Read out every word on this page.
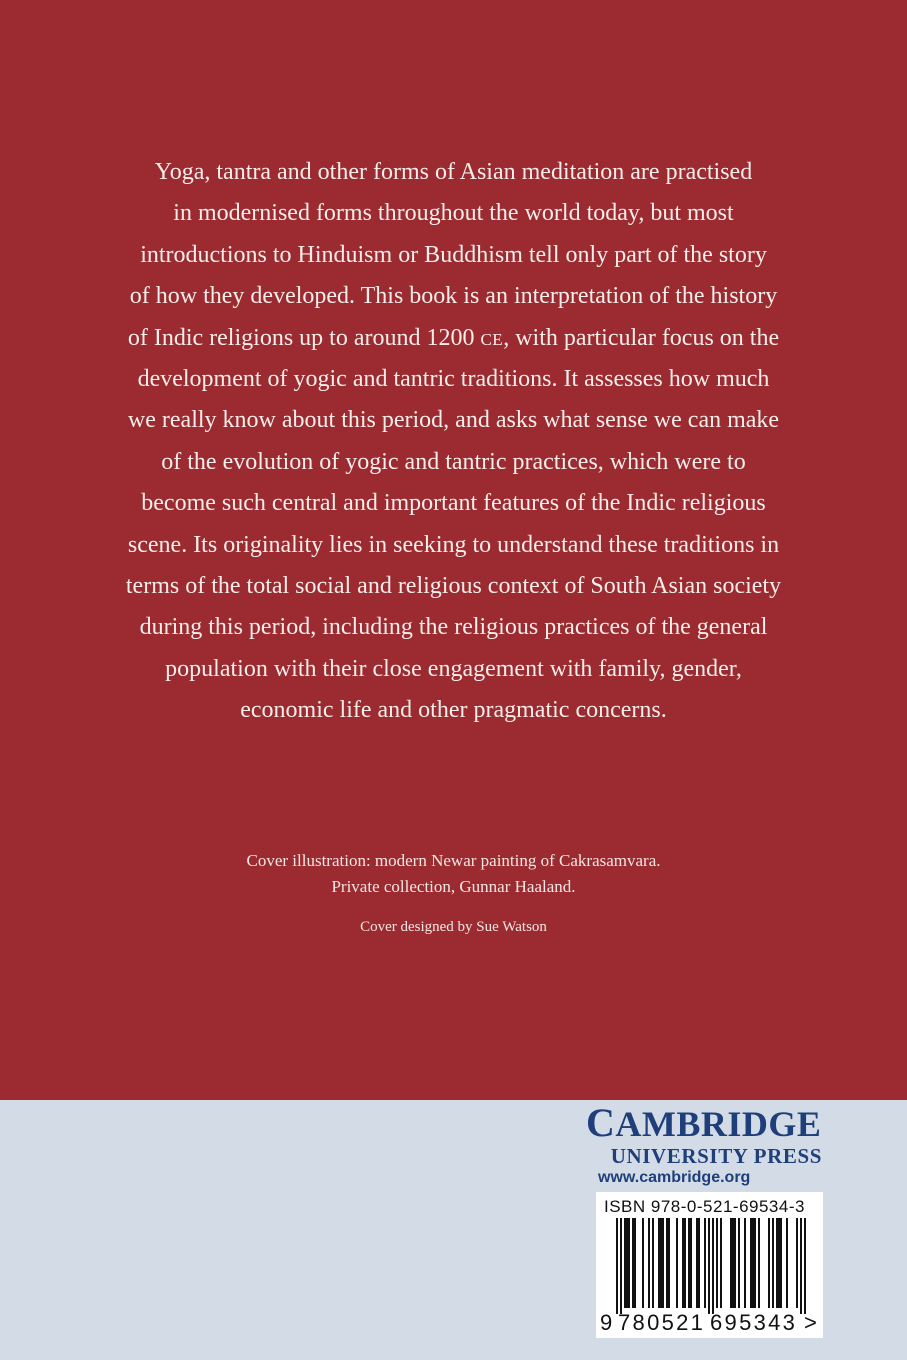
Yoga, tantra and other forms of Asian meditation are practised
in modernised forms throughout the world today, but most
introductions to Hinduism or Buddhism tell only part of the story
of how they developed. This book is an interpretation of the history
of Indic religions up to around 1200 ce, with particular focus on the
development of yogic and tantric traditions. It assesses how much
we really know about this period, and asks what sense we can make
of the evolution of yogic and tantric practices, which were to
become such central and important features of the Indic religious
scene. Its originality lies in seeking to understand these traditions in
terms of the total social and religious context of South Asian society
during this period, including the religious practices of the general
population with their close engagement with family, gender,
economic life and other pragmatic concerns.
Cover illustration: modern Newar painting of Cakrasamvara.
Private collection, Gunnar Haaland.
Cover designed by Sue Watson
CAMBRIDGE
UNIVERSITY PRESS
www.cambridge.org
ISBN 978-0-521-69534-3
9 780521 695343 >
